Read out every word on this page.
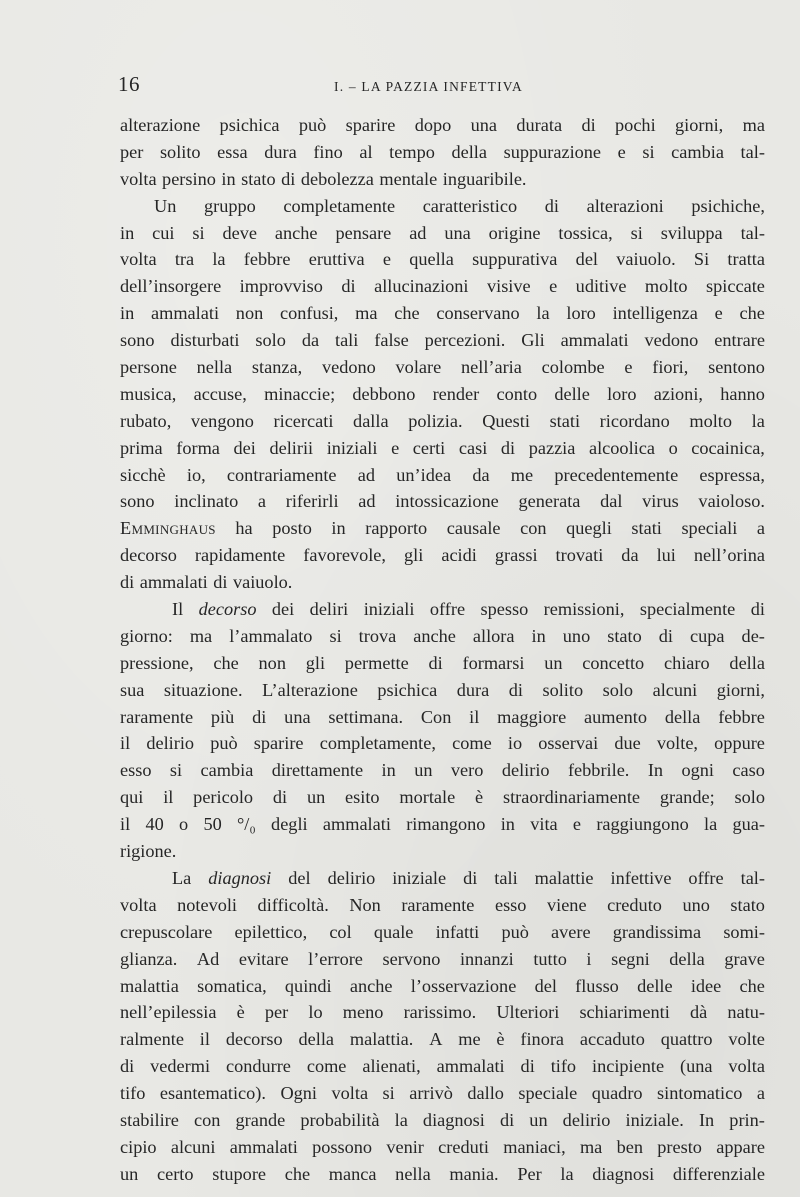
16	I. – LA PAZZIA INFETTIVA
alterazione psichica può sparire dopo una durata di pochi giorni, ma
per solito essa dura fino al tempo della suppurazione e si cambia tal-
volta persino in stato di debolezza mentale inguaribile.
Un gruppo completamente caratteristico di alterazioni psichiche,
in cui si deve anche pensare ad una origine tossica, si sviluppa tal-
volta tra la febbre eruttiva e quella suppurativa del vaiuolo. Si tratta
dell’insorgere improvviso di allucinazioni visive e uditive molto spiccate
in ammalati non confusi, ma che conservano la loro intelligenza e che
sono disturbati solo da tali false percezioni. Gli ammalati vedono entrare
persone nella stanza, vedono volare nell’aria colombe e fiori, sentono
musica, accuse, minaccie; debbono render conto delle loro azioni, hanno
rubato, vengono ricercati dalla polizia. Questi stati ricordano molto la
prima forma dei delirii iniziali e certi casi di pazzia alcoolica o cocainica,
sicchè io, contrariamente ad un’idea da me precedentemente espressa,
sono inclinato a riferirli ad intossicazione generata dal virus vaioloso.
Emminghaus ha posto in rapporto causale con quegli stati speciali a
decorso rapidamente favorevole, gli acidi grassi trovati da lui nell’orina
di ammalati di vaiuolo.
Il decorso dei deliri iniziali offre spesso remissioni, specialmente di
giorno: ma l’ammalato si trova anche allora in uno stato di cupa de-
pressione, che non gli permette di formarsi un concetto chiaro della
sua situazione. L’alterazione psichica dura di solito solo alcuni giorni,
raramente più di una settimana. Con il maggiore aumento della febbre
il delirio può sparire completamente, come io osservai due volte, oppure
esso si cambia direttamente in un vero delirio febbrile. In ogni caso
qui il pericolo di un esito mortale è straordinariamente grande; solo
il 40 o 50 °/₀ degli ammalati rimangono in vita e raggiungono la gua-
rigione.
La diagnosi del delirio iniziale di tali malattie infettive offre tal-
volta notevoli difficoltà. Non raramente esso viene creduto uno stato
crepuscolare epilettico, col quale infatti può avere grandissima somi-
glianza. Ad evitare l’errore servono innanzi tutto i segni della grave
malattia somatica, quindi anche l’osservazione del flusso delle idee che
nell’epilessia è per lo meno rarissimo. Ulteriori schiarimenti dà natu-
ralmente il decorso della malattia. A me è finora accaduto quattro volte
di vedermi condurre come alienati, ammalati di tifo incipiente (una volta
tifo esantematico). Ogni volta si arrivò dallo speciale quadro sintomatico a
stabilire con grande probabilità la diagnosi di un delirio iniziale. In prin-
cipio alcuni ammalati possono venir creduti maniaci, ma ben presto appare
un certo stupore che manca nella mania. Per la diagnosi differenziale
